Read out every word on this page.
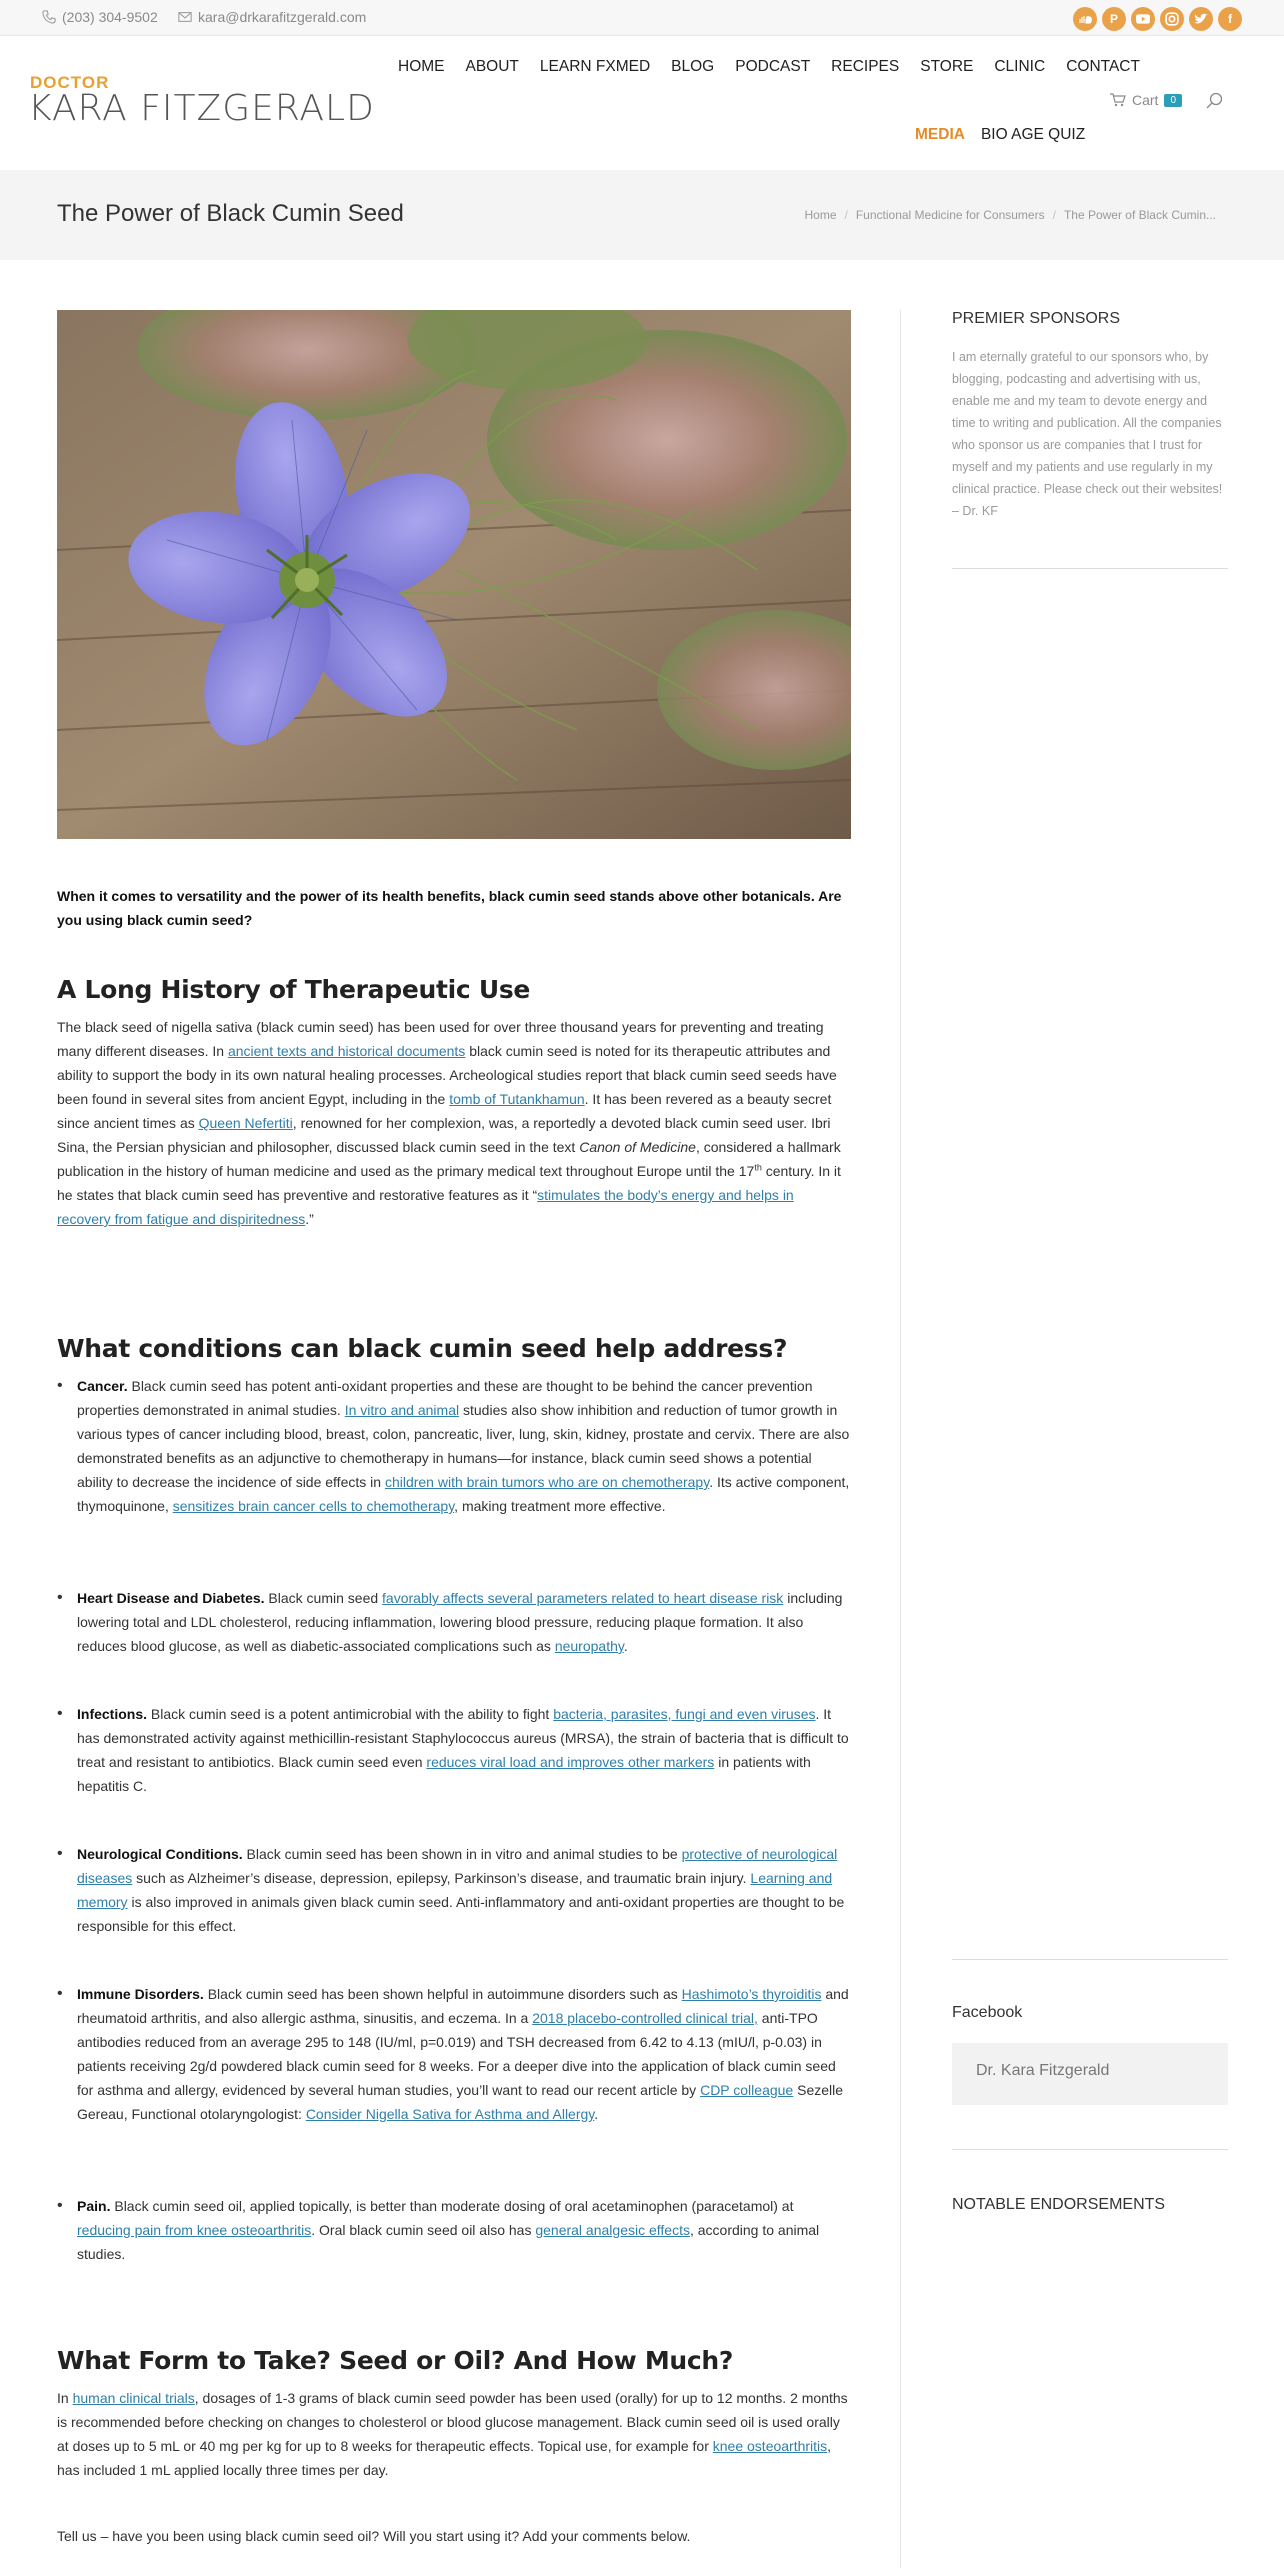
(203) 304-9502	kara@drkarafitzgerald.com	P	f
DOCTOR
KARA FITZGERALD
HOME ABOUT LEARN FXMED BLOG PODCAST RECIPES STORE CLINIC CONTACT
MEDIA BIO AGE QUIZ
Cart	0
The Power of Black Cumin Seed	Home / Functional Medicine for Consumers / The Power of Black Cumin...
When it comes to versatility and the power of its health benefits, black cumin seed stands above other botanicals. Are you using black cumin seed?
A Long History of Therapeutic Use
The black seed of nigella sativa (black cumin seed) has been used for over three thousand years for preventing and treating many different diseases. In ancient texts and historical documents black cumin seed is noted for its therapeutic attributes and ability to support the body in its own natural healing processes. Archeological studies report that black cumin seed seeds have been found in several sites from ancient Egypt, including in the tomb of Tutankhamun. It has been revered as a beauty secret since ancient times as Queen Nefertiti, renowned for her complexion, was, a reportedly a devoted black cumin seed user. Ibri Sina, the Persian physician and philosopher, discussed black cumin seed in the text Canon of Medicine, considered a hallmark publication in the history of human medicine and used as the primary medical text throughout Europe until the 17th century. In it he states that black cumin seed has preventive and restorative features as it “stimulates the body’s energy and helps in recovery from fatigue and dispiritedness.”
What conditions can black cumin seed help address?
• Cancer. Black cumin seed has potent anti-oxidant properties and these are thought to be behind the cancer prevention properties demonstrated in animal studies. In vitro and animal studies also show inhibition and reduction of tumor growth in various types of cancer including blood, breast, colon, pancreatic, liver, lung, skin, kidney, prostate and cervix. There are also demonstrated benefits as an adjunctive to chemotherapy in humans—for instance, black cumin seed shows a potential ability to decrease the incidence of side effects in children with brain tumors who are on chemotherapy. Its active component, thymoquinone, sensitizes brain cancer cells to chemotherapy, making treatment more effective.
• Heart Disease and Diabetes. Black cumin seed favorably affects several parameters related to heart disease risk including lowering total and LDL cholesterol, reducing inflammation, lowering blood pressure, reducing plaque formation. It also reduces blood glucose, as well as diabetic-associated complications such as neuropathy.
• Infections. Black cumin seed is a potent antimicrobial with the ability to fight bacteria, parasites, fungi and even viruses. It has demonstrated activity against methicillin-resistant Staphylococcus aureus (MRSA), the strain of bacteria that is difficult to treat and resistant to antibiotics. Black cumin seed even reduces viral load and improves other markers in patients with hepatitis C.
• Neurological Conditions. Black cumin seed has been shown in in vitro and animal studies to be protective of neurological diseases such as Alzheimer’s disease, depression, epilepsy, Parkinson’s disease, and traumatic brain injury. Learning and memory is also improved in animals given black cumin seed. Anti-inflammatory and anti-oxidant properties are thought to be responsible for this effect.
• Immune Disorders. Black cumin seed has been shown helpful in autoimmune disorders such as Hashimoto’s thyroiditis and rheumatoid arthritis, and also allergic asthma, sinusitis, and eczema. In a 2018 placebo-controlled clinical trial, anti-TPO antibodies reduced from an average 295 to 148 (IU/ml, p=0.019) and TSH decreased from 6.42 to 4.13 (mIU/l, p-0.03) in patients receiving 2g/d powdered black cumin seed for 8 weeks. For a deeper dive into the application of black cumin seed for asthma and allergy, evidenced by several human studies, you’ll want to read our recent article by CDP colleague Sezelle Gereau, Functional otolaryngologist: Consider Nigella Sativa for Asthma and Allergy.
• Pain. Black cumin seed oil, applied topically, is better than moderate dosing of oral acetaminophen (paracetamol) at reducing pain from knee osteoarthritis. Oral black cumin seed oil also has general analgesic effects, according to animal studies.
What Form to Take? Seed or Oil? And How Much?
In human clinical trials, dosages of 1-3 grams of black cumin seed powder has been used (orally) for up to 12 months. 2 months is recommended before checking on changes to cholesterol or blood glucose management. Black cumin seed oil is used orally at doses up to 5 mL or 40 mg per kg for up to 8 weeks for therapeutic effects. Topical use, for example for knee osteoarthritis, has included 1 mL applied locally three times per day.
Tell us – have you been using black cumin seed oil? Will you start using it? Add your comments below.
PREMIER SPONSORS
I am eternally grateful to our sponsors who, by blogging, podcasting and advertising with us, enable me and my team to devote energy and time to writing and publication. All the companies who sponsor us are companies that I trust for myself and my patients and use regularly in my clinical practice. Please check out their websites! – Dr. KF
Facebook
Dr. Kara Fitzgerald
NOTABLE ENDORSEMENTS
